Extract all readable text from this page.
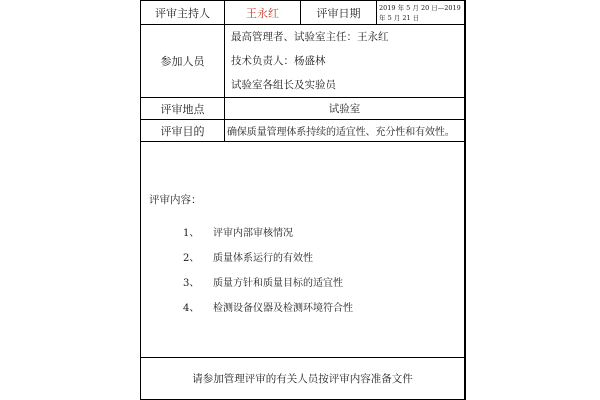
评审主持人	王永红	评审日期	2019 年 5 月 20 日—2019
年 5 月 21 日

参加人员	最高管理者、试验室主任：王永红
技术负责人：杨盛林
试验室各组长及实验员		

评审地点	试验室		
评审目的	确保质量管理体系持续的适宜性、充分性和有效性。		

评审内容：
1、 评审内部审核情况
2、 质量体系运行的有效性
3、 质量方针和质量目标的适宜性
4、 检测设备仪器及检测环境符合性			

请参加管理评审的有关人员按评审内容准备文件			
